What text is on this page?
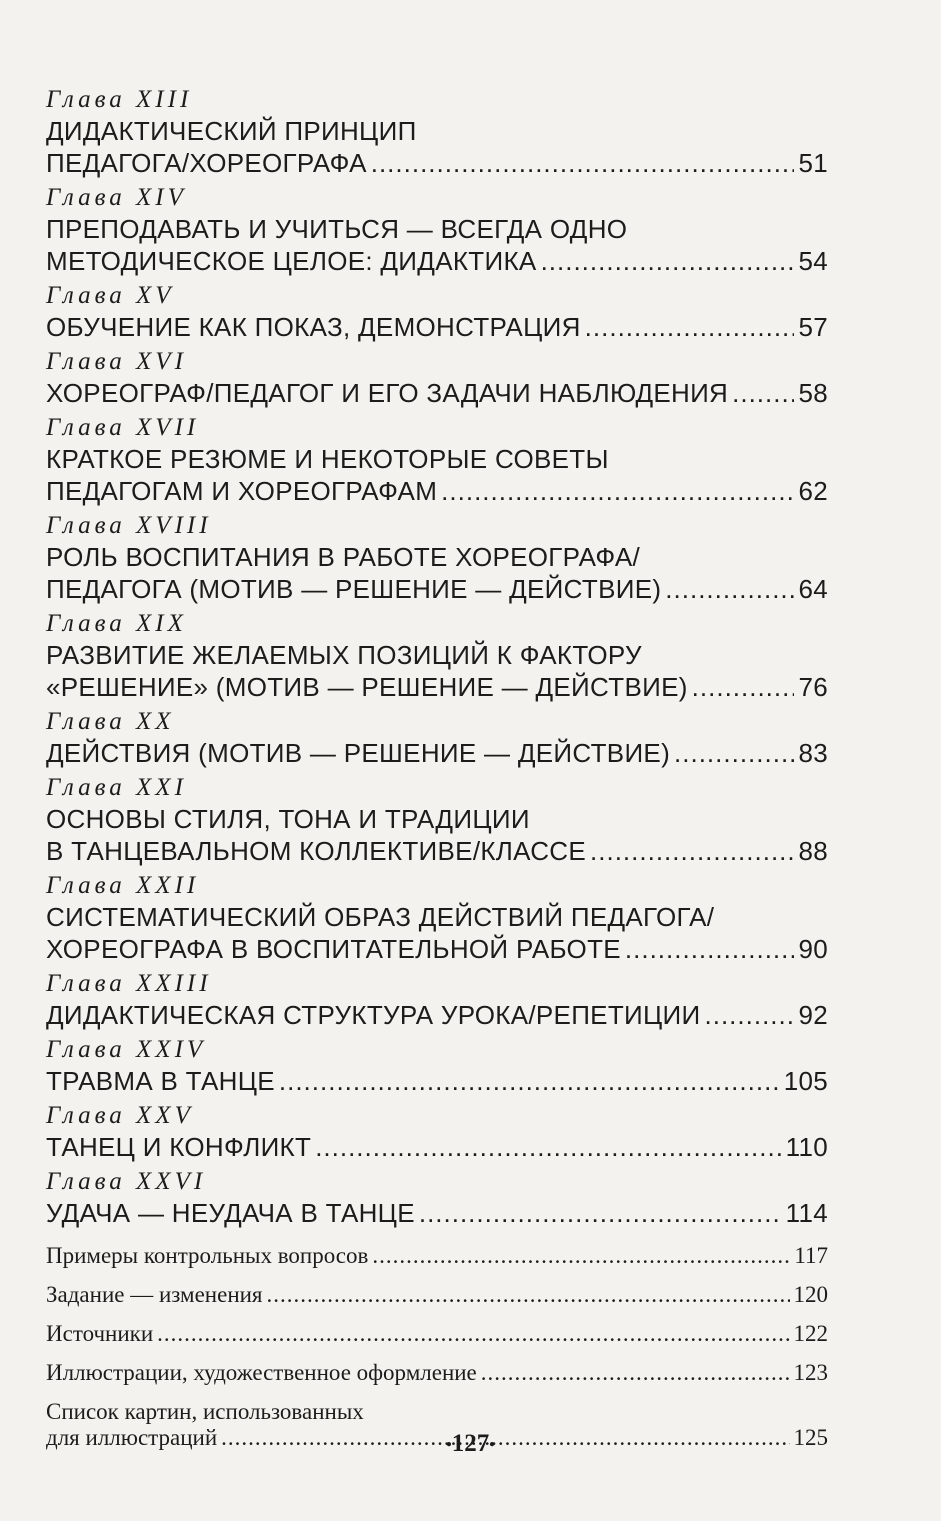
Глава XIII
ДИДАКТИЧЕСКИЙ ПРИНЦИП
ПЕДАГОГА/ХОРЕОГРАФА .....	51
Глава XIV
ПРЕПОДАВАТЬ И УЧИТЬСЯ — ВСЕГДА ОДНО
МЕТОДИЧЕСКОЕ ЦЕЛОЕ: ДИДАКТИКА .....	54
Глава XV
ОБУЧЕНИЕ КАК ПОКАЗ, ДЕМОНСТРАЦИЯ .....	57
Глава XVI
ХОРЕОГРАФ/ПЕДАГОГ И ЕГО ЗАДАЧИ НАБЛЮДЕНИЯ .....	58
Глава XVII
КРАТКОЕ РЕЗЮМЕ И НЕКОТОРЫЕ СОВЕТЫ
ПЕДАГОГАМ И ХОРЕОГРАФАМ .....	62
Глава XVIII
РОЛЬ ВОСПИТАНИЯ В РАБОТЕ ХОРЕОГРАФА/
ПЕДАГОГА (МОТИВ — РЕШЕНИЕ — ДЕЙСТВИЕ) .....	64
Глава XIX
РАЗВИТИЕ ЖЕЛАЕМЫХ ПОЗИЦИЙ К ФАКТОРУ
«РЕШЕНИЕ» (МОТИВ — РЕШЕНИЕ — ДЕЙСТВИЕ) .....	76
Глава XX
ДЕЙСТВИЯ (МОТИВ — РЕШЕНИЕ — ДЕЙСТВИЕ) .....	83
Глава XXI
ОСНОВЫ СТИЛЯ, ТОНА И ТРАДИЦИИ
В ТАНЦЕВАЛЬНОМ КОЛЛЕКТИВЕ/КЛАССЕ .....	88
Глава XXII
СИСТЕМАТИЧЕСКИЙ ОБРАЗ ДЕЙСТВИЙ ПЕДАГОГА/
ХОРЕОГРАФА В ВОСПИТАТЕЛЬНОЙ РАБОТЕ .....	90
Глава XXIII
ДИДАКТИЧЕСКАЯ СТРУКТУРА УРОКА/РЕПЕТИЦИИ .....	92
Глава XXIV
ТРАВМА В ТАНЦЕ .....	105
Глава XXV
ТАНЕЦ И КОНФЛИКТ .....	110
Глава XXVI
УДАЧА — НЕУДАЧА В ТАНЦЕ .....	114
Примеры контрольных вопросов .....	117
Задание — изменения .....	120
Источники .....	122
Иллюстрации, художественное оформление .....	123
Список картин, использованных
для иллюстраций .....	125
•127•
